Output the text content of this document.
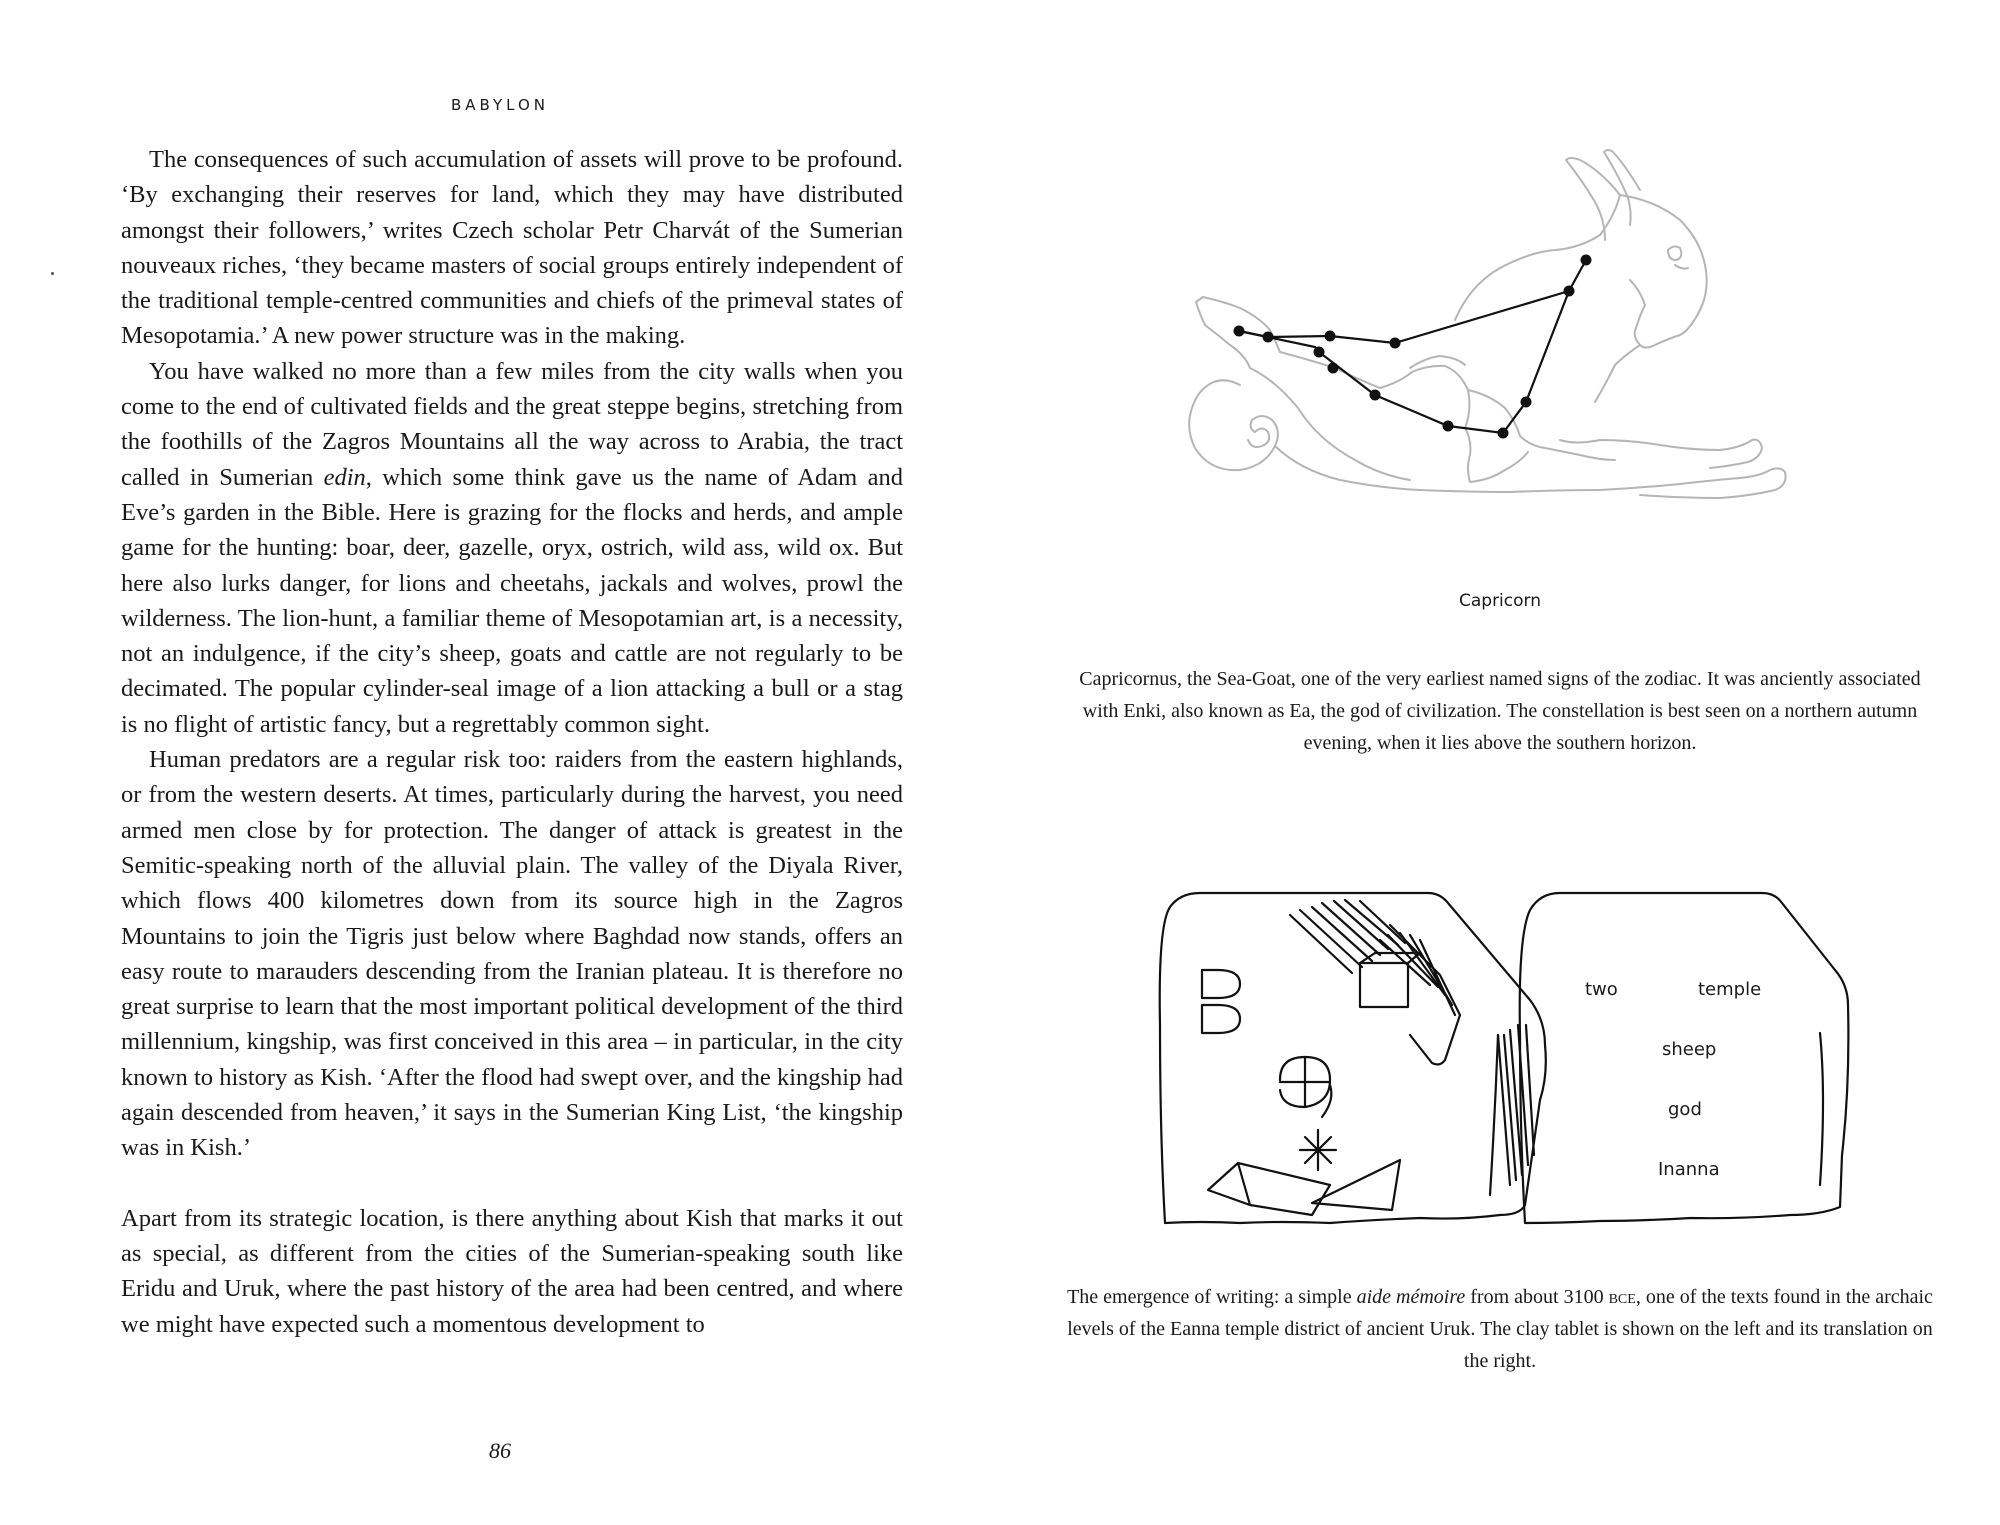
BABYLON

The consequences of such accumulation of assets will prove to be profound. ‘By exchanging their reserves for land, which they may have distributed amongst their followers,’ writes Czech scholar Petr Charvát of the Sumerian nouveaux riches, ‘they became masters of social groups entirely independent of the traditional temple-centred communities and chiefs of the primeval states of Mesopotamia.’ A new power structure was in the making.

You have walked no more than a few miles from the city walls when you come to the end of cultivated fields and the great steppe begins, stretching from the foothills of the Zagros Mountains all the way across to Arabia, the tract called in Sumerian edin, which some think gave us the name of Adam and Eve’s garden in the Bible. Here is grazing for the flocks and herds, and ample game for the hunting: boar, deer, gazelle, oryx, ostrich, wild ass, wild ox. But here also lurks danger, for lions and cheetahs, jackals and wolves, prowl the wilderness. The lion-hunt, a familiar theme of Mesopotamian art, is a necessity, not an indulgence, if the city’s sheep, goats and cattle are not regularly to be decimated. The popular cylinder-seal image of a lion attacking a bull or a stag is no flight of artistic fancy, but a regrettably common sight.

Human predators are a regular risk too: raiders from the eastern highlands, or from the western deserts. At times, particularly during the harvest, you need armed men close by for protection. The danger of attack is greatest in the Semitic-speaking north of the alluvial plain. The valley of the Diyala River, which flows 400 kilometres down from its source high in the Zagros Mountains to join the Tigris just below where Baghdad now stands, offers an easy route to marauders descending from the Iranian plateau. It is therefore no great surprise to learn that the most important political development of the third millennium, kingship, was first conceived in this area – in particular, in the city known to history as Kish. ‘After the flood had swept over, and the kingship had again descended from heaven,’ it says in the Sumerian King List, ‘the kingship was in Kish.’

Apart from its strategic location, is there anything about Kish that marks it out as special, as different from the cities of the Sumerian-speaking south like Eridu and Uruk, where the past history of the area had been centred, and where we might have expected such a momentous development to

86
Capricorn
Capricornus, the Sea-Goat, one of the very earliest named signs of the zodiac. It was anciently associated with Enki, also known as Ea, the god of civilization. The constellation is best seen on a northern autumn evening, when it lies above the southern horizon.
two	temple
sheep
god
Inanna
The emergence of writing: a simple aide mémoire from about 3100 bce, one of the texts found in the archaic levels of the Eanna temple district of ancient Uruk. The clay tablet is shown on the left and its translation on the right.
